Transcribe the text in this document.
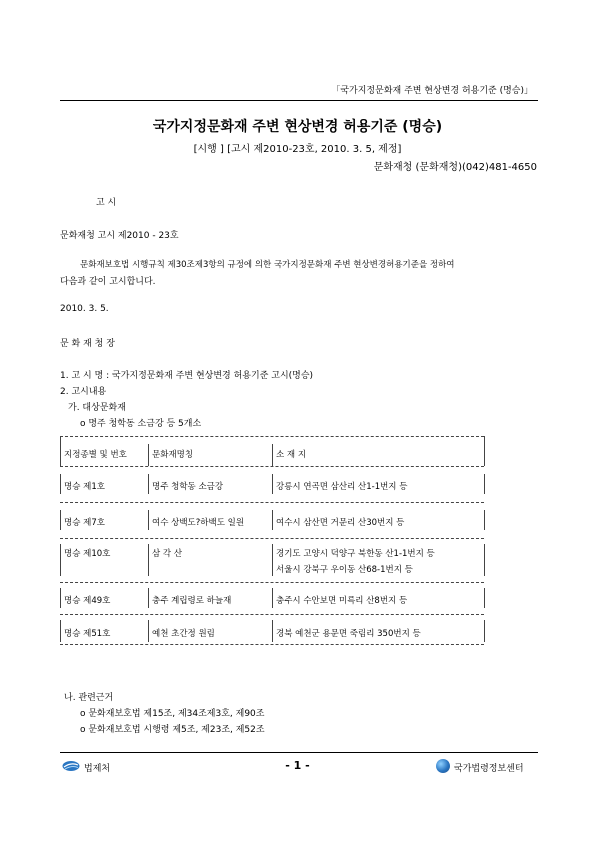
「국가지정문화재 주변 현상변경 허용기준 (명승)」
국가지정문화재 주변 현상변경 허용기준 (명승)
[시행 ] [고시 제2010-23호, 2010. 3. 5, 제정]
문화재청 (문화재청)(042)481-4650
고 시
문화재청 고시 제2010 - 23호
문화재보호법 시행규칙 제30조제3항의 규정에 의한 국가지정문화재 주변 현상변경허용기준을 정하여
다음과 같이 고시합니다.
2010. 3. 5.
문 화 재 청 장
1. 고 시 명 : 국가지정문화재 주변 현상변경 허용기준 고시(명승)
2. 고시내용
가. 대상문화재
o 명주 청학동 소금강 등 5개소
지정종별 및 번호	문화재명칭	소 재 지
명승 제1호	명주 청학동 소금강	강릉시 연곡면 삼산리 산1-1번지 등
명승 제7호	여수 상백도?하백도 일원	여수시 삼산면 거문리 산30번지 등
명승 제10호	삼 각 산	경기도 고양시 덕양구 북한동 산1-1번지 등
서울시 강북구 우이동 산68-1번지 등
명승 제49호	충주 계립령로 하늘재	충주시 수안보면 미륵리 산8번지 등
명승 제51호	예천 초간정 원림	경북 예천군 용문면 죽림리 350번지 등
나. 관련근거
o 문화재보호법 제15조, 제34조제3호, 제90조
o 문화재보호법 시행령 제5조, 제23조, 제52조
법제처	- 1 -	국가법령정보센터
